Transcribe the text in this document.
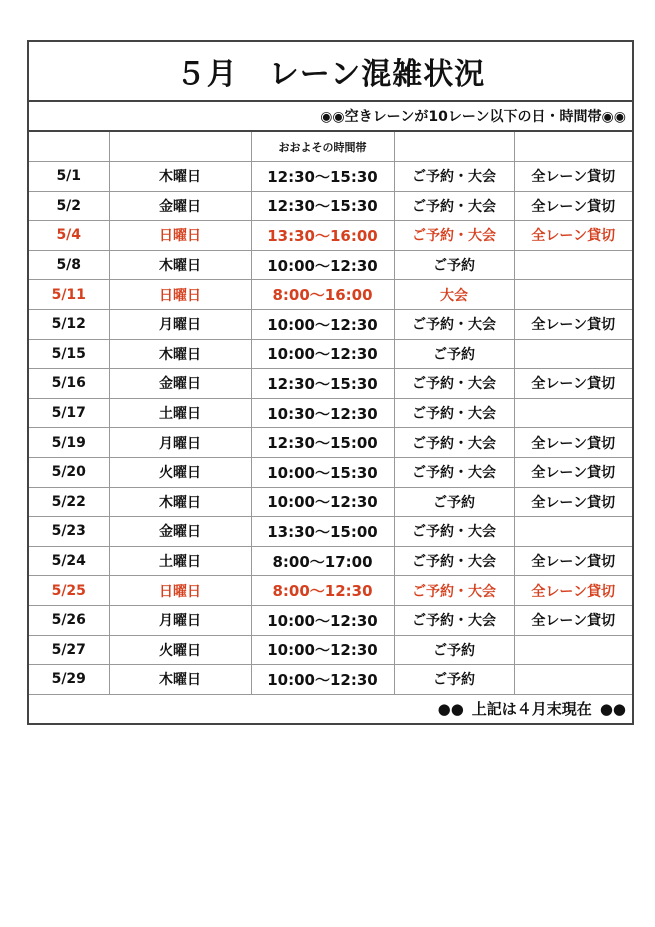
５月　レーン混雑状況
◉◉空きレーンが10レーン以下の日・時間帯◉◉
		おおよその時間帯		
5/1	木曜日	12:30〜15:30	ご予約・大会	全レーン貸切
5/2	金曜日	12:30〜15:30	ご予約・大会	全レーン貸切
5/4	日曜日	13:30〜16:00	ご予約・大会	全レーン貸切
5/8	木曜日	10:00〜12:30	ご予約	
5/11	日曜日	8:00〜16:00	大会	
5/12	月曜日	10:00〜12:30	ご予約・大会	全レーン貸切
5/15	木曜日	10:00〜12:30	ご予約	
5/16	金曜日	12:30〜15:30	ご予約・大会	全レーン貸切
5/17	土曜日	10:30〜12:30	ご予約・大会	
5/19	月曜日	12:30〜15:00	ご予約・大会	全レーン貸切
5/20	火曜日	10:00〜15:30	ご予約・大会	全レーン貸切
5/22	木曜日	10:00〜12:30	ご予約	全レーン貸切
5/23	金曜日	13:30〜15:00	ご予約・大会	
5/24	土曜日	8:00〜17:00	ご予約・大会	全レーン貸切
5/25	日曜日	8:00〜12:30	ご予約・大会	全レーン貸切
5/26	月曜日	10:00〜12:30	ご予約・大会	全レーン貸切
5/27	火曜日	10:00〜12:30	ご予約	
5/29	木曜日	10:00〜12:30	ご予約	
●● 上記は４月末現在 ●●
